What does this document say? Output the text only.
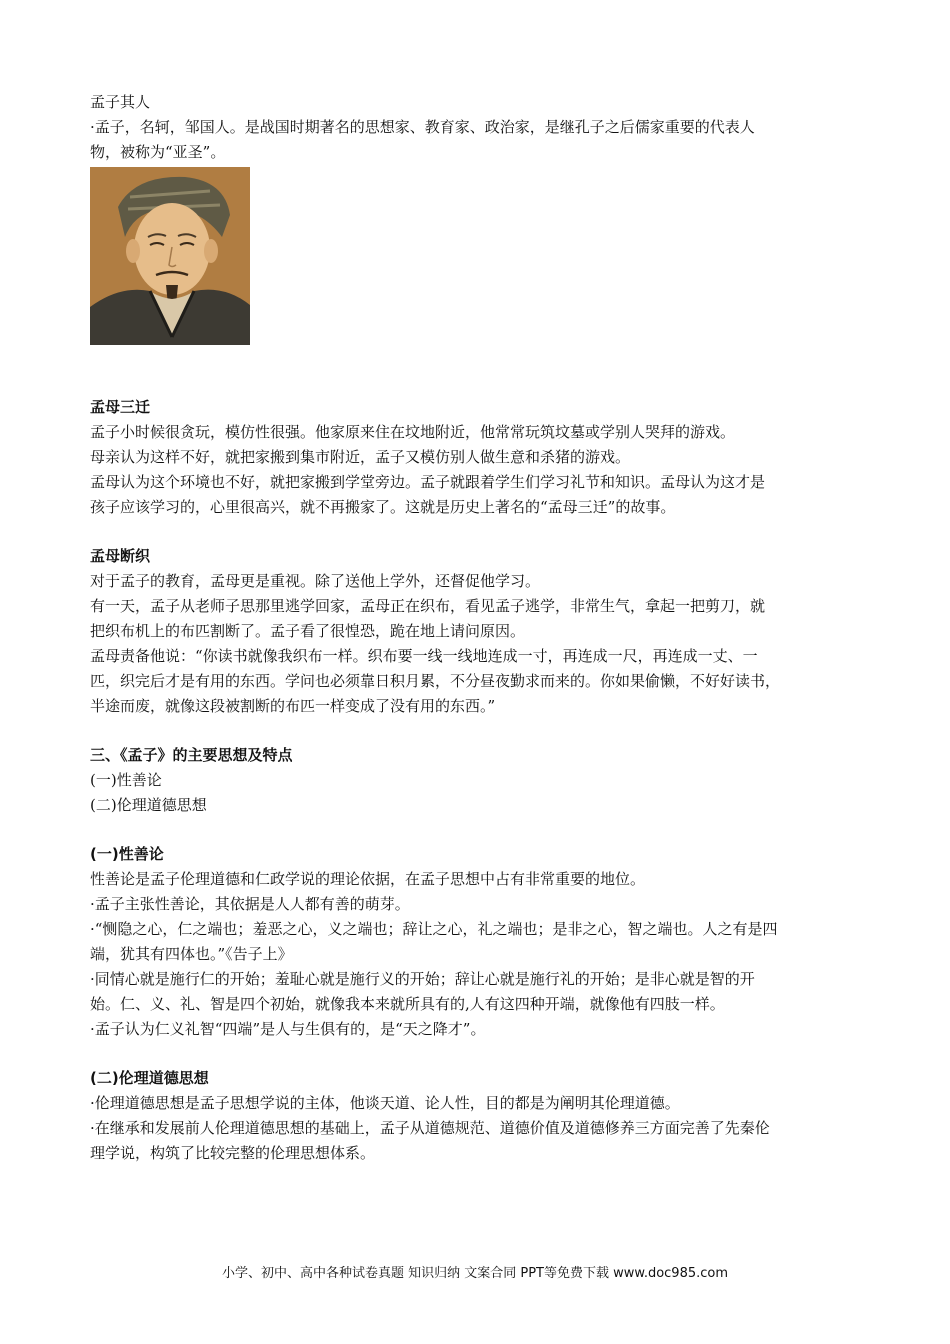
孟子其人

·孟子，名轲，邹国人。是战国时期著名的思想家、教育家、政治家，是继孔子之后儒家重要的代表人

物，被称为“亚圣”。

孟母三迁

孟子小时候很贪玩，模仿性很强。他家原来住在坟地附近，他常常玩筑坟墓或学别人哭拜的游戏。

母亲认为这样不好，就把家搬到集市附近，孟子又模仿别人做生意和杀猪的游戏。

孟母认为这个环境也不好，就把家搬到学堂旁边。孟子就跟着学生们学习礼节和知识。孟母认为这才是

孩子应该学习的，心里很高兴，就不再搬家了。这就是历史上著名的“孟母三迁”的故事。

孟母断织

对于孟子的教育，孟母更是重视。除了送他上学外，还督促他学习。

有一天，孟子从老师子思那里逃学回家，孟母正在织布，看见孟子逃学，非常生气，拿起一把剪刀，就

把织布机上的布匹割断了。孟子看了很惶恐，跪在地上请问原因。

孟母责备他说：“你读书就像我织布一样。织布要一线一线地连成一寸，再连成一尺，再连成一丈、一

匹，织完后才是有用的东西。学问也必须靠日积月累，不分昼夜勤求而来的。你如果偷懒，不好好读书，

半途而废，就像这段被割断的布匹一样变成了没有用的东西。”

三、《孟子》的主要思想及特点

(一)性善论

(二)伦理道德思想

(一)性善论

性善论是孟子伦理道德和仁政学说的理论依据，在孟子思想中占有非常重要的地位。

·孟子主张性善论，其依据是人人都有善的萌芽。

·“恻隐之心，仁之端也；羞恶之心，义之端也；辞让之心，礼之端也；是非之心，智之端也。人之有是四

端，犹其有四体也。”《告子上》

·同情心就是施行仁的开始；羞耻心就是施行义的开始；辞让心就是施行礼的开始；是非心就是智的开

始。仁、义、礼、智是四个初始，就像我本来就所具有的,人有这四种开端，就像他有四肢一样。

·孟子认为仁义礼智“四端”是人与生俱有的，是“天之降才”。

(二)伦理道德思想

·伦理道德思想是孟子思想学说的主体，他谈天道、论人性，目的都是为阐明其伦理道德。

·在继承和发展前人伦理道德思想的基础上，孟子从道德规范、道德价值及道德修养三方面完善了先秦伦

理学说，构筑了比较完整的伦理思想体系。

小学、初中、高中各种试卷真题 知识归纳 文案合同 PPT等免费下载 www.doc985.com
